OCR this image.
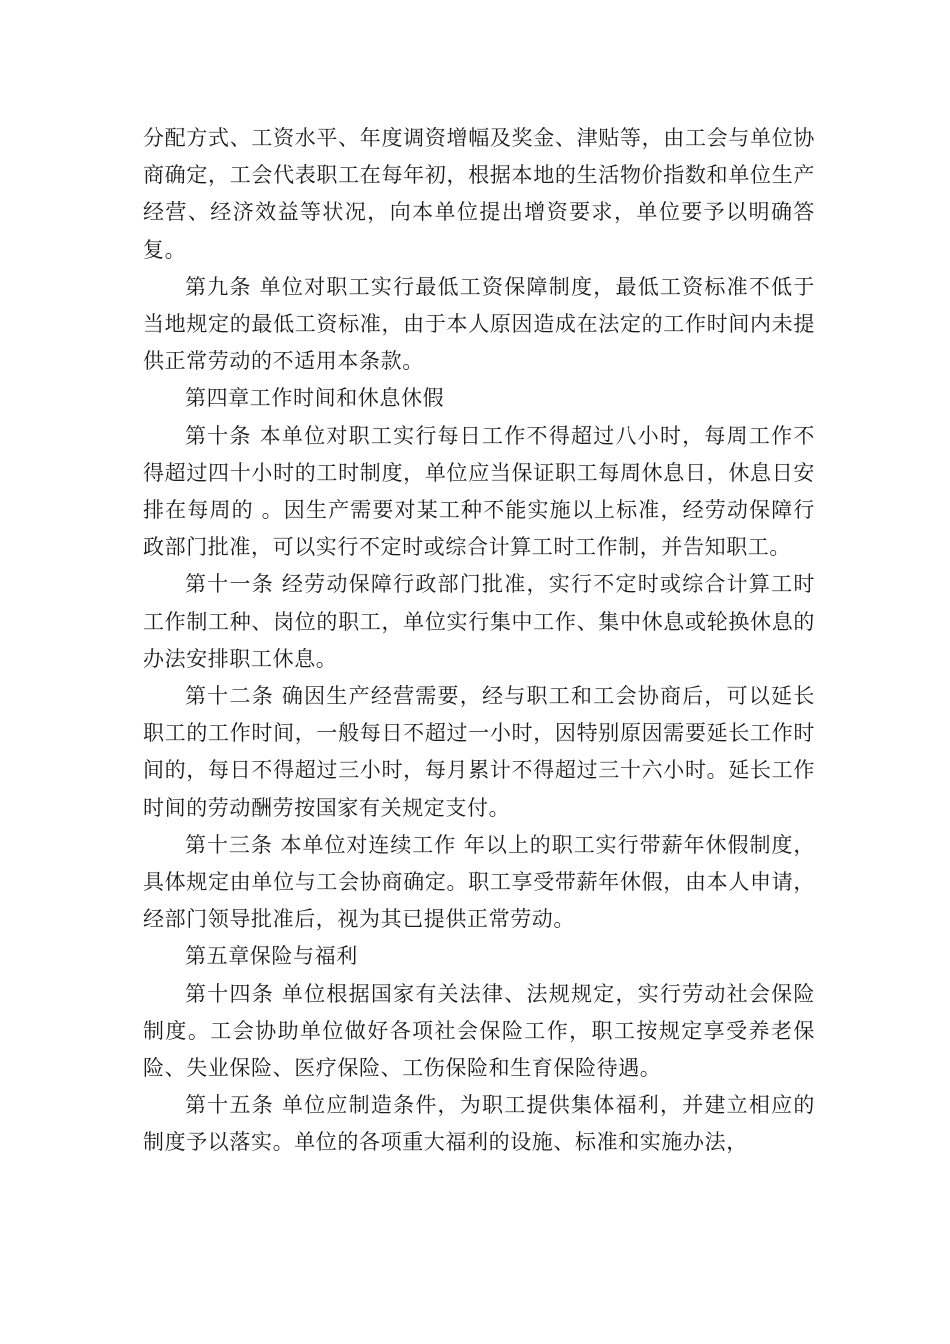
分配方式、工资水平、年度调资增幅及奖金、津贴等，由工会与单位协商确定，工会代表职工在每年初，根据本地的生活物价指数和单位生产经营、经济效益等状况，向本单位提出增资要求，单位要予以明确答复。

第九条 单位对职工实行最低工资保障制度，最低工资标准不低于当地规定的最低工资标准，由于本人原因造成在法定的工作时间内未提供正常劳动的不适用本条款。

第四章工作时间和休息休假

第十条 本单位对职工实行每日工作不得超过八小时，每周工作不得超过四十小时的工时制度，单位应当保证职工每周休息日，休息日安排在每周的 。因生产需要对某工种不能实施以上标准，经劳动保障行政部门批准，可以实行不定时或综合计算工时工作制，并告知职工。

第十一条 经劳动保障行政部门批准，实行不定时或综合计算工时工作制工种、岗位的职工，单位实行集中工作、集中休息或轮换休息的办法安排职工休息。

第十二条 确因生产经营需要，经与职工和工会协商后，可以延长职工的工作时间，一般每日不超过一小时，因特别原因需要延长工作时间的，每日不得超过三小时，每月累计不得超过三十六小时。延长工作时间的劳动酬劳按国家有关规定支付。

第十三条 本单位对连续工作 年以上的职工实行带薪年休假制度，具体规定由单位与工会协商确定。职工享受带薪年休假，由本人申请，经部门领导批准后，视为其已提供正常劳动。

第五章保险与福利

第十四条 单位根据国家有关法律、法规规定，实行劳动社会保险制度。工会协助单位做好各项社会保险工作，职工按规定享受养老保险、失业保险、医疗保险、工伤保险和生育保险待遇。

第十五条 单位应制造条件，为职工提供集体福利，并建立相应的制度予以落实。单位的各项重大福利的设施、标准和实施办法，
